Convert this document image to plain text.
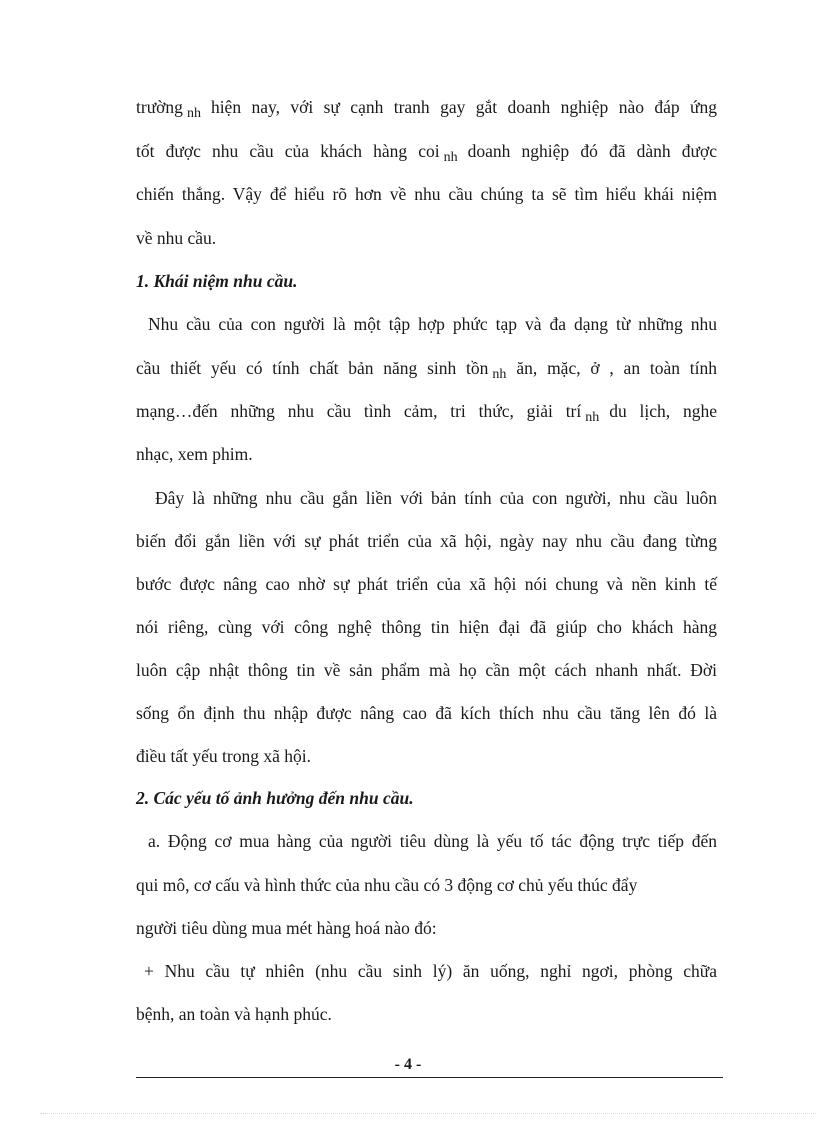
trường $_{nh}$ hiện nay, với sự cạnh tranh gay gắt doanh nghiệp nào đáp ứng
tốt được nhu cầu của khách hàng coi $_{nh}$ doanh nghiệp đó đã dành được
chiến thắng. Vậy để hiểu rõ hơn về nhu cầu chúng ta sẽ tìm hiểu khái niệm
về nhu cầu.
1. Khái niệm nhu cầu.
Nhu cầu của con người là một tập hợp phức tạp và đa dạng từ những nhu
cầu thiết yếu có tính chất bản năng sinh tồn $_{nh}$ ăn, mặc, ở , an toàn tính
mạng…đến những nhu cầu tình cảm, tri thức, giải trí $_{nh}$ du lịch, nghe
nhạc, xem phim.
Đây là những nhu cầu gắn liền với bản tính của con người, nhu cầu luôn
biến đổi gắn liền với sự phát triển của xã hội, ngày nay nhu cầu đang từng
bước được nâng cao nhờ sự phát triển của xã hội nói chung và nền kinh tế
nói riêng, cùng với công nghệ thông tin hiện đại đã giúp cho khách hàng
luôn cập nhật thông tin về sản phẩm mà họ cần một cách nhanh nhất. Đời
sống ổn định thu nhập được nâng cao đã kích thích nhu cầu tăng lên đó là
điều tất yếu trong xã hội.
2. Các yếu tố ảnh hưởng đến nhu cầu.
a. Động cơ mua hàng của người tiêu dùng là yếu tố tác động trực tiếp đến
qui mô, cơ cấu và hình thức của nhu cầu có 3 động cơ chủ yếu thúc đẩy
người tiêu dùng mua mét hàng hoá nào đó:
+ Nhu cầu tự nhiên (nhu cầu sinh lý) ăn uống, nghỉ ngơi, phòng chữa
bệnh, an toàn và hạnh phúc.
- 4 -
